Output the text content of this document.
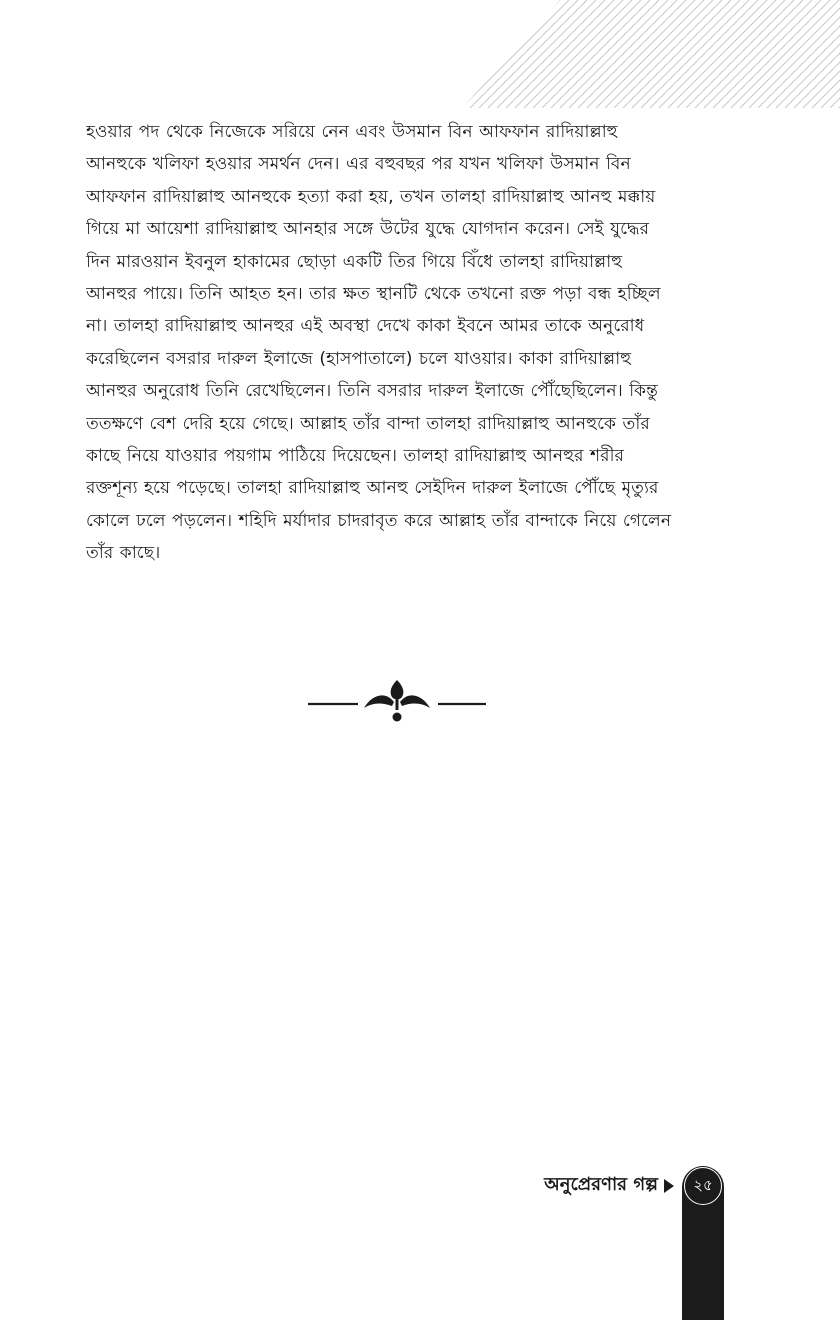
হওয়ার পদ থেকে নিজেকে সরিয়ে নেন এবং উসমান বিন আফফান রাদিয়াল্লাহু
আনহুকে খলিফা হওয়ার সমর্থন দেন। এর বহুবছর পর যখন খলিফা উসমান বিন
আফফান রাদিয়াল্লাহু আনহুকে হত্যা করা হয়, তখন তালহা রাদিয়াল্লাহু আনহু মক্কায়
গিয়ে মা আয়েশা রাদিয়াল্লাহু আনহার সঙ্গে উটের যুদ্ধে যোগদান করেন। সেই যুদ্ধের
দিন মারওয়ান ইবনুল হাকামের ছোড়া একটি তির গিয়ে বিঁধে তালহা রাদিয়াল্লাহু
আনহুর পায়ে। তিনি আহত হন। তার ক্ষত স্থানটি থেকে তখনো রক্ত পড়া বন্ধ হচ্ছিল
না। তালহা রাদিয়াল্লাহু আনহুর এই অবস্থা দেখে কাকা ইবনে আমর তাকে অনুরোধ
করেছিলেন বসরার দারুল ইলাজে (হাসপাতালে) চলে যাওয়ার। কাকা রাদিয়াল্লাহু
আনহুর অনুরোধ তিনি রেখেছিলেন। তিনি বসরার দারুল ইলাজে পৌঁছেছিলেন। কিন্তু
ততক্ষণে বেশ দেরি হয়ে গেছে। আল্লাহ তাঁর বান্দা তালহা রাদিয়াল্লাহু আনহুকে তাঁর
কাছে নিয়ে যাওয়ার পয়গাম পাঠিয়ে দিয়েছেন। তালহা রাদিয়াল্লাহু আনহুর শরীর
রক্তশূন্য হয়ে পড়েছে। তালহা রাদিয়াল্লাহু আনহু সেইদিন দারুল ইলাজে পৌঁছে মৃত্যুর
কোলে ঢলে পড়লেন। শহিদি মর্যাদার চাদরাবৃত করে আল্লাহ তাঁর বান্দাকে নিয়ে গেলেন
তাঁর কাছে।
অনুপ্রেরণার গল্প	২৫
